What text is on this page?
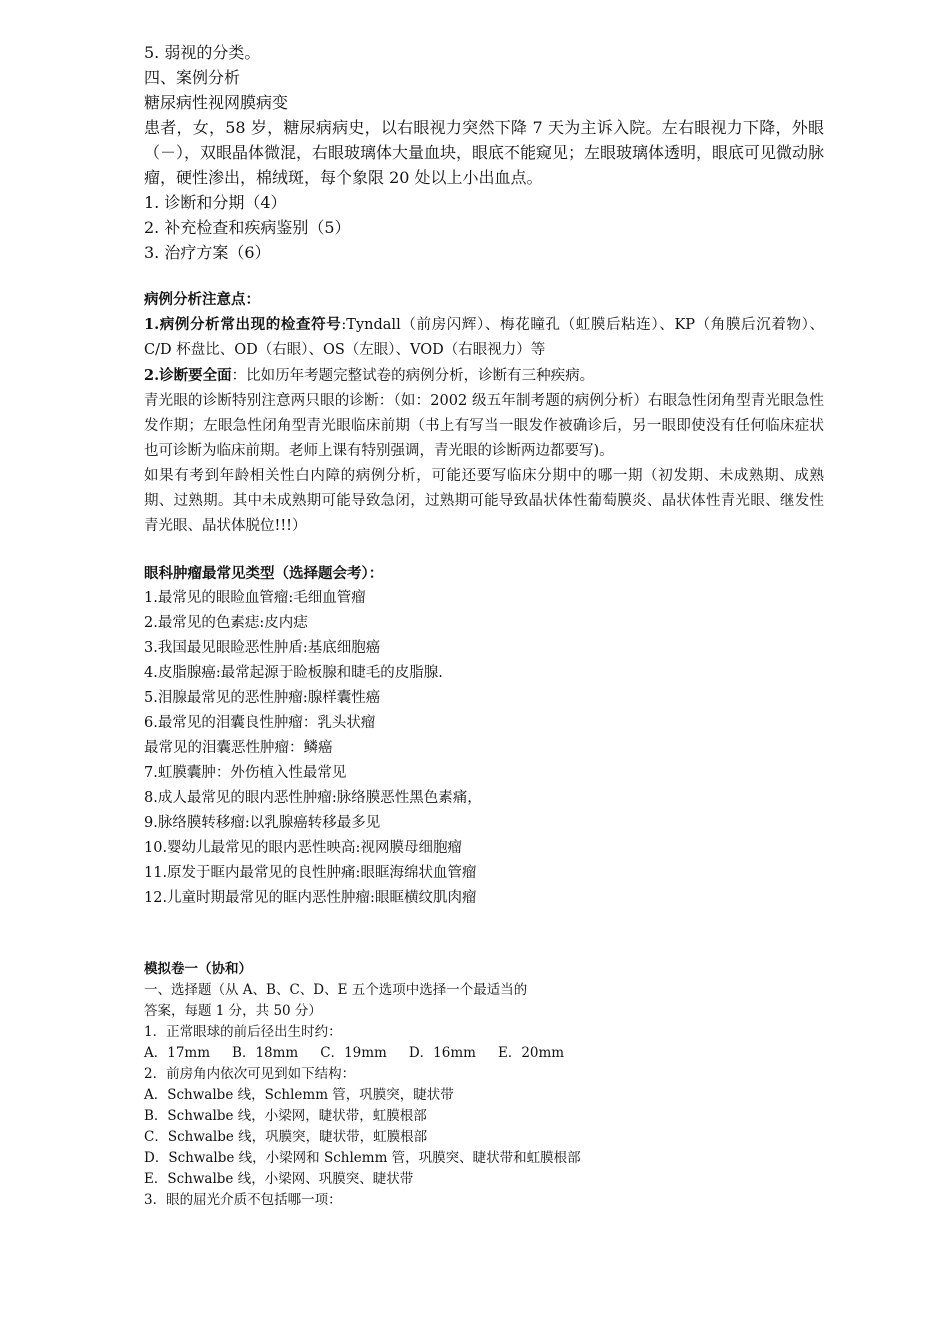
5. 弱视的分类。

四、案例分析

糖尿病性视网膜病变

患者，女，58 岁，糖尿病病史，以右眼视力突然下降 7 天为主诉入院。左右眼视力下降，外眼（－），双眼晶体微混，右眼玻璃体大量血块，眼底不能窥见；左眼玻璃体透明，眼底可见微动脉瘤，硬性渗出，棉绒斑，每个象限 20 处以上小出血点。

1. 诊断和分期（4）

2. 补充检查和疾病鉴别（5）

3. 治疗方案（6）

病例分析注意点：

1.病例分析常出现的检查符号:Tyndall（前房闪辉）、梅花瞳孔（虹膜后粘连）、KP（角膜后沉着物）、C/D 杯盘比、OD（右眼）、OS（左眼）、VOD（右眼视力）等

2.诊断要全面：比如历年考题完整试卷的病例分析，诊断有三种疾病。

青光眼的诊断特别注意两只眼的诊断：（如：2002 级五年制考题的病例分析）右眼急性闭角型青光眼急性发作期；左眼急性闭角型青光眼临床前期（书上有写当一眼发作被确诊后，另一眼即使没有任何临床症状也可诊断为临床前期。老师上课有特别强调，青光眼的诊断两边都要写)。

如果有考到年龄相关性白内障的病例分析，可能还要写临床分期中的哪一期（初发期、未成熟期、成熟期、过熟期。其中未成熟期可能导致急闭，过熟期可能导致晶状体性葡萄膜炎、晶状体性青光眼、继发性青光眼、晶状体脱位!!!）

眼科肿瘤最常见类型（选择题会考）：

1.最常见的眼睑血管瘤:毛细血管瘤

2.最常见的色素痣:皮内痣

3.我国最见眼睑恶性肿盾:基底细胞癌

4.皮脂腺癌:最常起源于睑板腺和睫毛的皮脂腺.

5.泪腺最常见的恶性肿瘤:腺样囊性癌

6.最常见的泪囊良性肿瘤：乳头状瘤

最常见的泪囊恶性肿瘤：鳞癌

7.虹膜囊肿：外伤植入性最常见

8.成人最常见的眼内恶性肿瘤:脉络膜恶性黑色素痛，

9.脉络膜转移瘤:以乳腺癌转移最多见

10.婴幼儿最常见的眼内恶性映高:视网膜母细胞瘤

11.原发于眶内最常见的良性肿痛:眼眶海绵状血管瘤

12.儿童时期最常见的眶内恶性肿瘤:眼眶横纹肌肉瘤

模拟卷一（协和）

一、选择题（从 A、B、C、D、E 五个选项中选择一个最适当的

答案，每题 1 分，共 50 分）

1．正常眼球的前后径出生时约：

A．17mm B．18mm C．19mm D．16mm E．20mm

2．前房角内依次可见到如下结构：

A．Schwalbe 线，Schlemm 管，巩膜突，睫状带

B．Schwalbe 线，小梁网，睫状带，虹膜根部

C．Schwalbe 线，巩膜突，睫状带，虹膜根部

D．Schwalbe 线，小梁网和 Schlemm 管，巩膜突、睫状带和虹膜根部

E．Schwalbe 线，小梁网、巩膜突、睫状带

3．眼的屈光介质不包括哪一项：
